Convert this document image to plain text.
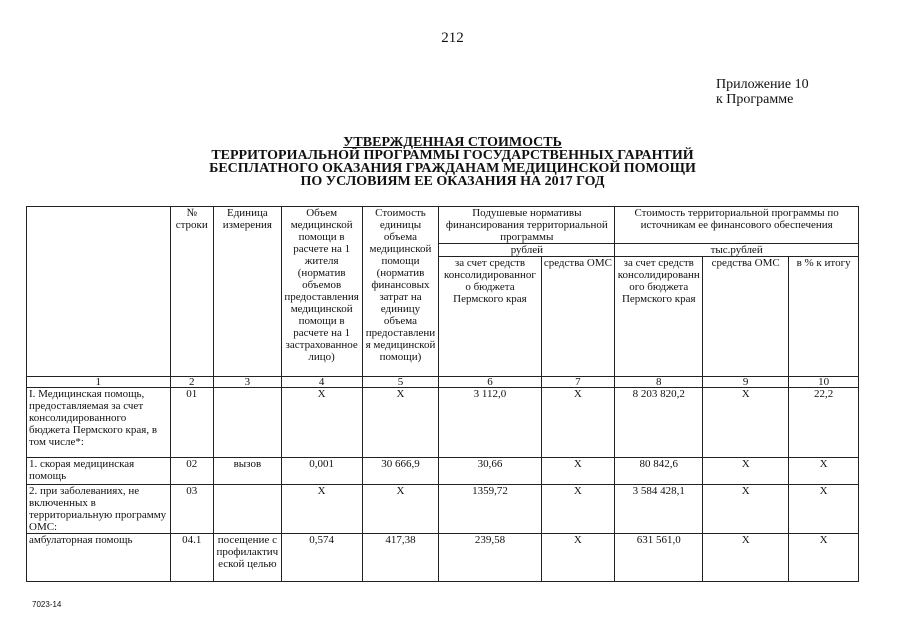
212
Приложение 10
к Программе
УТВЕРЖДЕННАЯ СТОИМОСТЬ
ТЕРРИТОРИАЛЬНОЙ ПРОГРАММЫ ГОСУДАРСТВЕННЫХ ГАРАНТИЙ
БЕСПЛАТНОГО ОКАЗАНИЯ ГРАЖДАНАМ МЕДИЦИНСКОЙ ПОМОЩИ
ПО УСЛОВИЯМ ЕЕ ОКАЗАНИЯ НА 2017 ГОД
	№ строки	Единица измерения	Объем медицинской помощи в расчете на 1 жителя (норматив объемов предоставления медицинской помощи в расчете на 1 застрахованное лицо)	Стоимость единицы объема медицинской помощи (норматив финансовых затрат на единицу объема предоставления медицинской помощи)	Подушевые нормативы финансирования территориальной программы		Стоимость территориальной программы по источникам ее финансового обеспечения		
					рублей		тыс.рублей		
					за счет средств консолидированного бюджета Пермского края	средства ОМС	за счет средств консолидированного бюджета Пермского края	средства ОМС	в % к итогу
1	2	3	4	5	6	7	8	9	10
I. Медицинская помощь, предоставляемая за счет консолидированного бюджета Пермского края, в том числе*:	01		X	X	3 112,0	X	8 203 820,2	X	22,2
1. скорая медицинская помощь	02	вызов	0,001	30 666,9	30,66	X	80 842,6	X	X
2. при заболеваниях, не включенных в территориальную программу ОМС:	03		X	X	1359,72	X	3 584 428,1	X	X
амбулаторная помощь	04.1	посещение с профилактической целью	0,574	417,38	239,58	X	631 561,0	X	X
7023-14
